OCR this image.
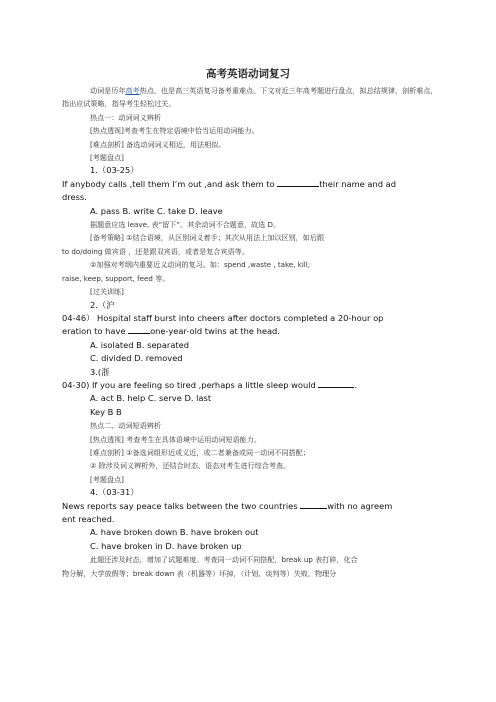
高考英语动词复习

动词是历年高考热点，也是高三英语复习备考重难点。下文对近三年高考题进行盘点，拟总结规律，剖析难点，指出应试策略，指导考生轻松过关。

热点一：动词词义辨析

[热点透视]考查考生在特定语境中恰当运用动词能力。

[难点剖析] 备选动词词义相近，用法相似。

[考题盘点]

1.（03-25）

If anybody calls ,tell them I’m out ,and ask them to	their name and ad

dress.

A. pass B. write C. take D. leave

据题意应选 leave, 表“留下”。其余动词不合题意，故选 D。

[备考策略] ①结合语境，从区别词义着手；其次从用法上加以区别，如后跟

to do/doing 做宾语 ，还是跟双宾语，或者是复合宾语等。

②加强对考纲内重要近义动词的复习。如：spend ,waste , take, kill;

raise, keep, support, feed 等。

[过关训练]

2.（沪

04-46） Hospital staff burst into cheers after doctors completed a 20-hour op

eration to have	one-year-old twins at the head.

A. isolated B. separated

C. divided D. removed

3.(浙

04-30) If you are feeling so tired ,perhaps a little sleep would	.

A. act B. help C. serve D. last

Key B B

热点二、动词短语辨析

[热点透视] 考查考生在具体语境中运用动词短语能力。

[难点剖析] ①备选词组形近或义近，或二者兼备或同一动词不同搭配；

② 除涉及词义辨析外，还结合时态、语态对考生进行综合考查。

[考题盘点]

4.（03-31）

News reports say peace talks between the two countries	with no agreem

ent reached.

A. have broken down B. have broken out

C. have broken in D. have broken up

此题还涉及时态，增加了试题难度。考查同一动词不同搭配，break up 表打碎，化合

物分解，大学放假等；break down 表（机器等）坏掉，（计划、谈判等）失败，物理分
